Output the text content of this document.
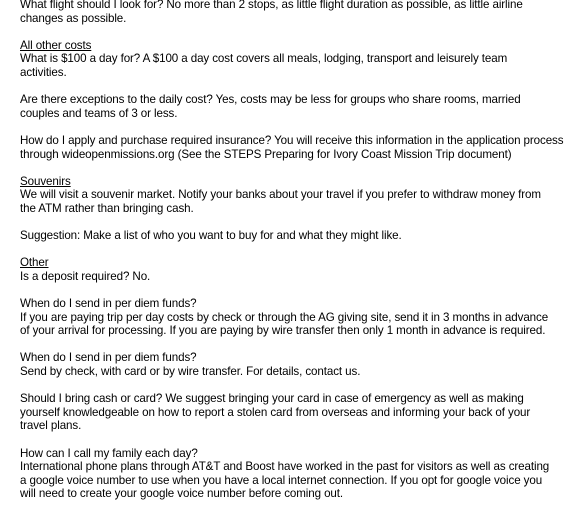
What flight should I look for? No more than 2 stops, as little flight duration as possible, as little airline
changes as possible.
All other costs
What is $100 a day for? A $100 a day cost covers all meals, lodging, transport and leisurely team
activities.
Are there exceptions to the daily cost? Yes, costs may be less for groups who share rooms, married
couples and teams of 3 or less.
How do I apply and purchase required insurance? You will receive this information in the application process
through wideopenmissions.org (See the STEPS Preparing for Ivory Coast Mission Trip document)
Souvenirs
We will visit a souvenir market. Notify your banks about your travel if you prefer to withdraw money from
the ATM rather than bringing cash.
Suggestion: Make a list of who you want to buy for and what they might like.
Other
Is a deposit required? No.
When do I send in per diem funds?
If you are paying trip per day costs by check or through the AG giving site, send it in 3 months in advance
of your arrival for processing. If you are paying by wire transfer then only 1 month in advance is required.
When do I send in per diem funds?
Send by check, with card or by wire transfer. For details, contact us.
Should I bring cash or card? We suggest bringing your card in case of emergency as well as making
yourself knowledgeable on how to report a stolen card from overseas and informing your back of your
travel plans.
How can I call my family each day?
International phone plans through AT&T and Boost have worked in the past for visitors as well as creating
a google voice number to use when you have a local internet connection. If you opt for google voice you
will need to create your google voice number before coming out.
